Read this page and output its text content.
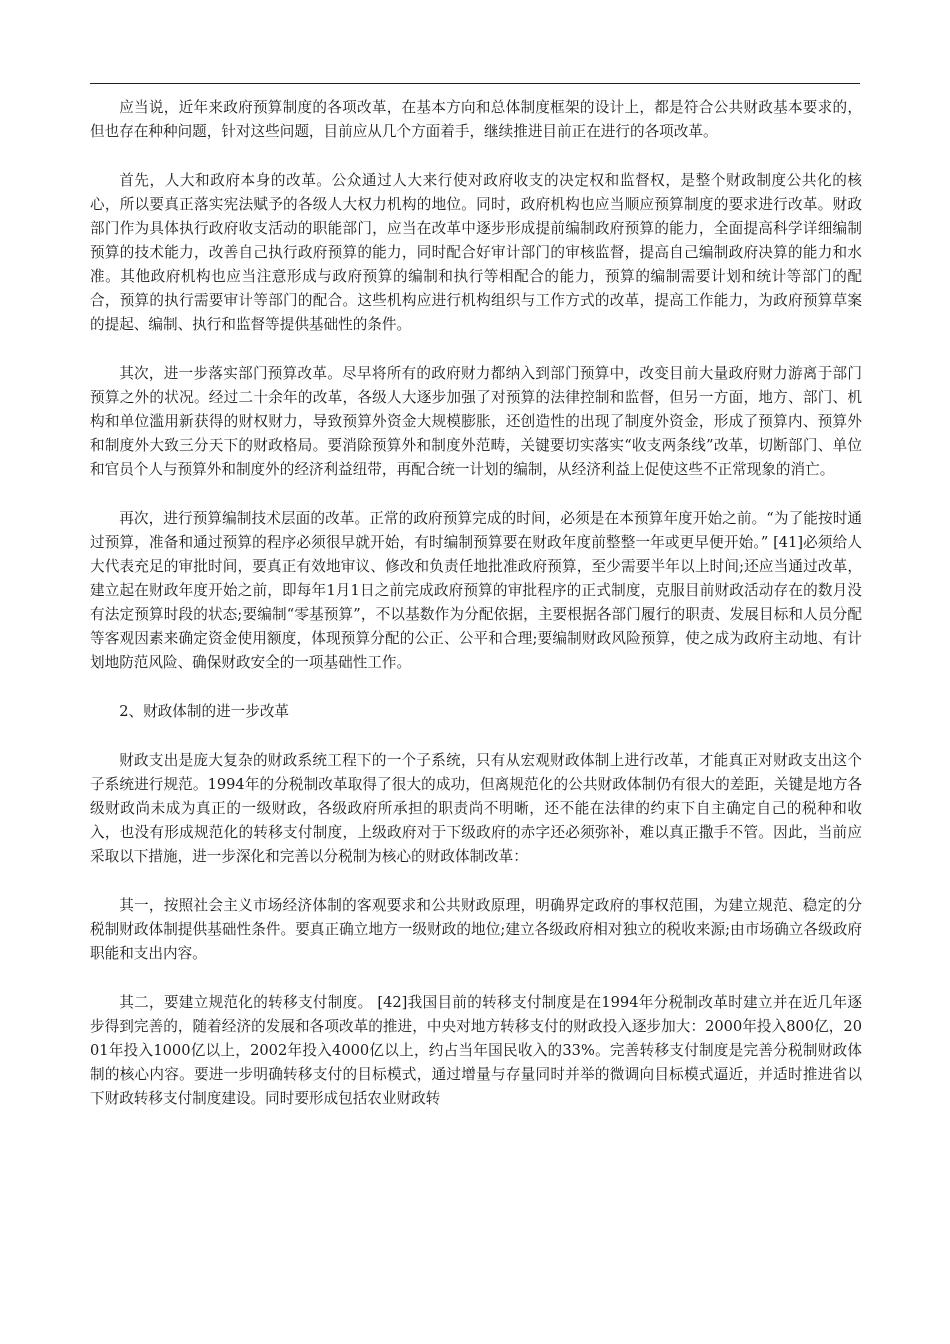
应当说，近年来政府预算制度的各项改革，在基本方向和总体制度框架的设计上，都是符合公共财政基本要求的，但也存在种种问题，针对这些问题，目前应从几个方面着手，继续推进目前正在进行的各项改革。

首先，人大和政府本身的改革。公众通过人大来行使对政府收支的决定权和监督权，是整个财政制度公共化的核心，所以要真正落实宪法赋予的各级人大权力机构的地位。同时，政府机构也应当顺应预算制度的要求进行改革。财政部门作为具体执行政府收支活动的职能部门，应当在改革中逐步形成提前编制政府预算的能力，全面提高科学详细编制预算的技术能力，改善自己执行政府预算的能力，同时配合好审计部门的审核监督，提高自己编制政府决算的能力和水准。其他政府机构也应当注意形成与政府预算的编制和执行等相配合的能力，预算的编制需要计划和统计等部门的配合，预算的执行需要审计等部门的配合。这些机构应进行机构组织与工作方式的改革，提高工作能力，为政府预算草案的提起、编制、执行和监督等提供基础性的条件。

其次，进一步落实部门预算改革。尽早将所有的政府财力都纳入到部门预算中，改变目前大量政府财力游离于部门预算之外的状况。经过二十余年的改革，各级人大逐步加强了对预算的法律控制和监督，但另一方面，地方、部门、机构和单位滥用新获得的财权财力，导致预算外资金大规模膨胀，还创造性的出现了制度外资金，形成了预算内、预算外和制度外大致三分天下的财政格局。要消除预算外和制度外范畴，关键要切实落实“收支两条线”改革，切断部门、单位和官员个人与预算外和制度外的经济利益纽带，再配合统一计划的编制，从经济利益上促使这些不正常现象的消亡。

再次，进行预算编制技术层面的改革。正常的政府预算完成的时间，必须是在本预算年度开始之前。“为了能按时通过预算，准备和通过预算的程序必须很早就开始，有时编制预算要在财政年度前整整一年或更早便开始。” [41]必须给人大代表充足的审批时间，要真正有效地审议、修改和负责任地批准政府预算，至少需要半年以上时间;还应当通过改革，建立起在财政年度开始之前，即每年1月1日之前完成政府预算的审批程序的正式制度，克服目前财政活动存在的数月没有法定预算时段的状态;要编制“零基预算”，不以基数作为分配依据，主要根据各部门履行的职责、发展目标和人员分配等客观因素来确定资金使用额度，体现预算分配的公正、公平和合理;要编制财政风险预算，使之成为政府主动地、有计划地防范风险、确保财政安全的一项基础性工作。

2、财政体制的进一步改革

财政支出是庞大复杂的财政系统工程下的一个子系统，只有从宏观财政体制上进行改革，才能真正对财政支出这个子系统进行规范。1994年的分税制改革取得了很大的成功，但离规范化的公共财政体制仍有很大的差距，关键是地方各级财政尚未成为真正的一级财政，各级政府所承担的职责尚不明晰，还不能在法律的约束下自主确定自己的税种和收入，也没有形成规范化的转移支付制度，上级政府对于下级政府的赤字还必须弥补，难以真正撒手不管。因此，当前应采取以下措施，进一步深化和完善以分税制为核心的财政体制改革：

其一，按照社会主义市场经济体制的客观要求和公共财政原理，明确界定政府的事权范围，为建立规范、稳定的分税制财政体制提供基础性条件。要真正确立地方一级财政的地位;建立各级政府相对独立的税收来源;由市场确立各级政府职能和支出内容。

其二，要建立规范化的转移支付制度。 [42]我国目前的转移支付制度是在1994年分税制改革时建立并在近几年逐步得到完善的，随着经济的发展和各项改革的推进，中央对地方转移支付的财政投入逐步加大：2000年投入800亿，2001年投入1000亿以上，2002年投入4000亿以上，约占当年国民收入的33%。完善转移支付制度是完善分税制财政体制的核心内容。要进一步明确转移支付的目标模式，通过增量与存量同时并举的微调向目标模式逼近，并适时推进省以下财政转移支付制度建设。同时要形成包括农业财政转
